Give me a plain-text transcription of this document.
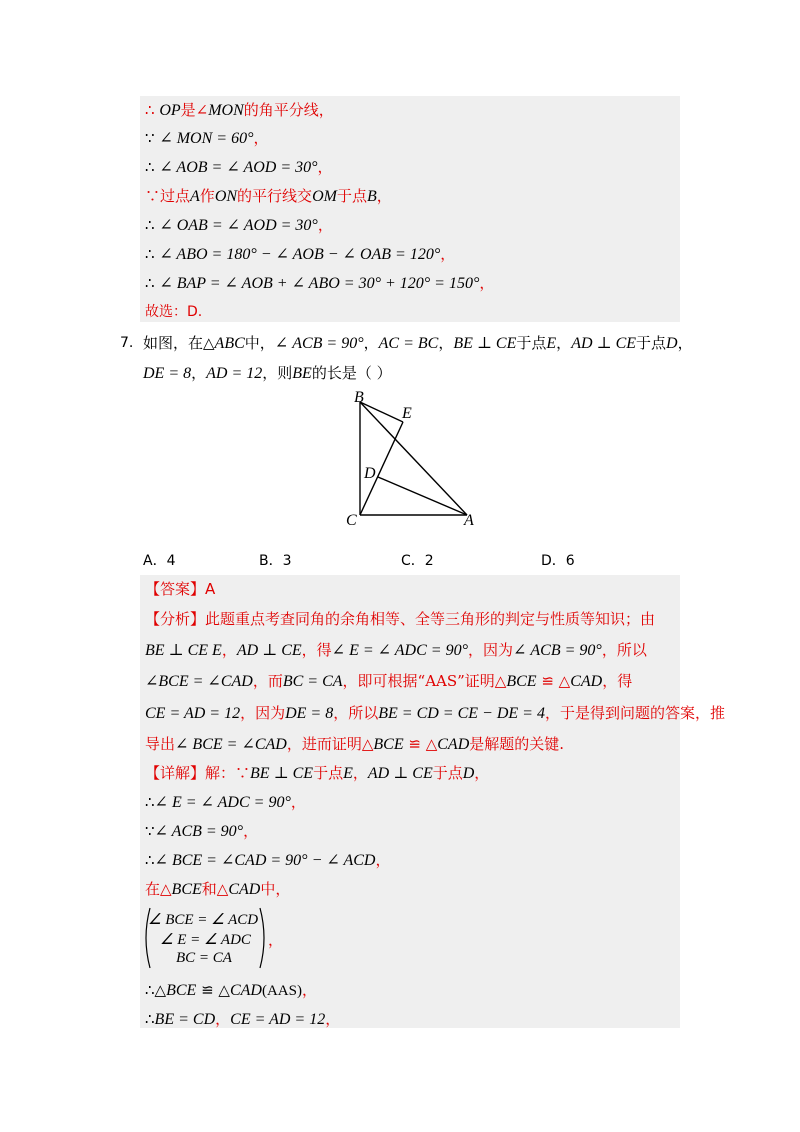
∴ OP是∠MON的角平分线，
∵ ∠ MON = 60°，
∴ ∠ AOB = ∠ AOD = 30°，
∵过点A作ON的平行线交OM于点B，
∴ ∠ OAB = ∠ AOD = 30°，
∴ ∠ ABO = 180° − ∠ AOB − ∠ OAB = 120°，
∴ ∠ BAP = ∠ AOB + ∠ ABO = 30° + 120° = 150°，
故选：D.
7. 如图，在△ABC中，∠ ACB = 90°，AC = BC，BE ⊥ CE于点E，AD ⊥ CE于点D，
DE = 8，AD = 12，则BE的长是（ ）
B
E
D
C	A
A．4	B．3	C．2	D．6
【答案】A
【分析】此题重点考查同角的余角相等、全等三角形的判定与性质等知识；由
BE ⊥ CE E，AD ⊥ CE，得∠ E = ∠ ADC = 90°，因为∠ ACB = 90°，所以
∠BCE = ∠CAD，而BC = CA，即可根据“AAS”证明△BCE ≌ △CAD，得
CE = AD = 12，因为DE = 8，所以BE = CD = CE − DE = 4，于是得到问题的答案，推
导出∠ BCE = ∠CAD，进而证明△BCE ≌ △CAD是解题的关键.
【详解】解：∵BE ⊥ CE于点E，AD ⊥ CE于点D，
∴∠ E = ∠ ADC = 90°，
∵∠ ACB = 90°，
∴∠ BCE = ∠CAD = 90° − ∠ ACD，
在△BCE和△CAD中，
∠ BCE = ∠ ACD
∠ E = ∠ ADC
BC = CA
，
∴△BCE ≌ △CAD(AAS)，
∴BE = CD，CE = AD = 12，
